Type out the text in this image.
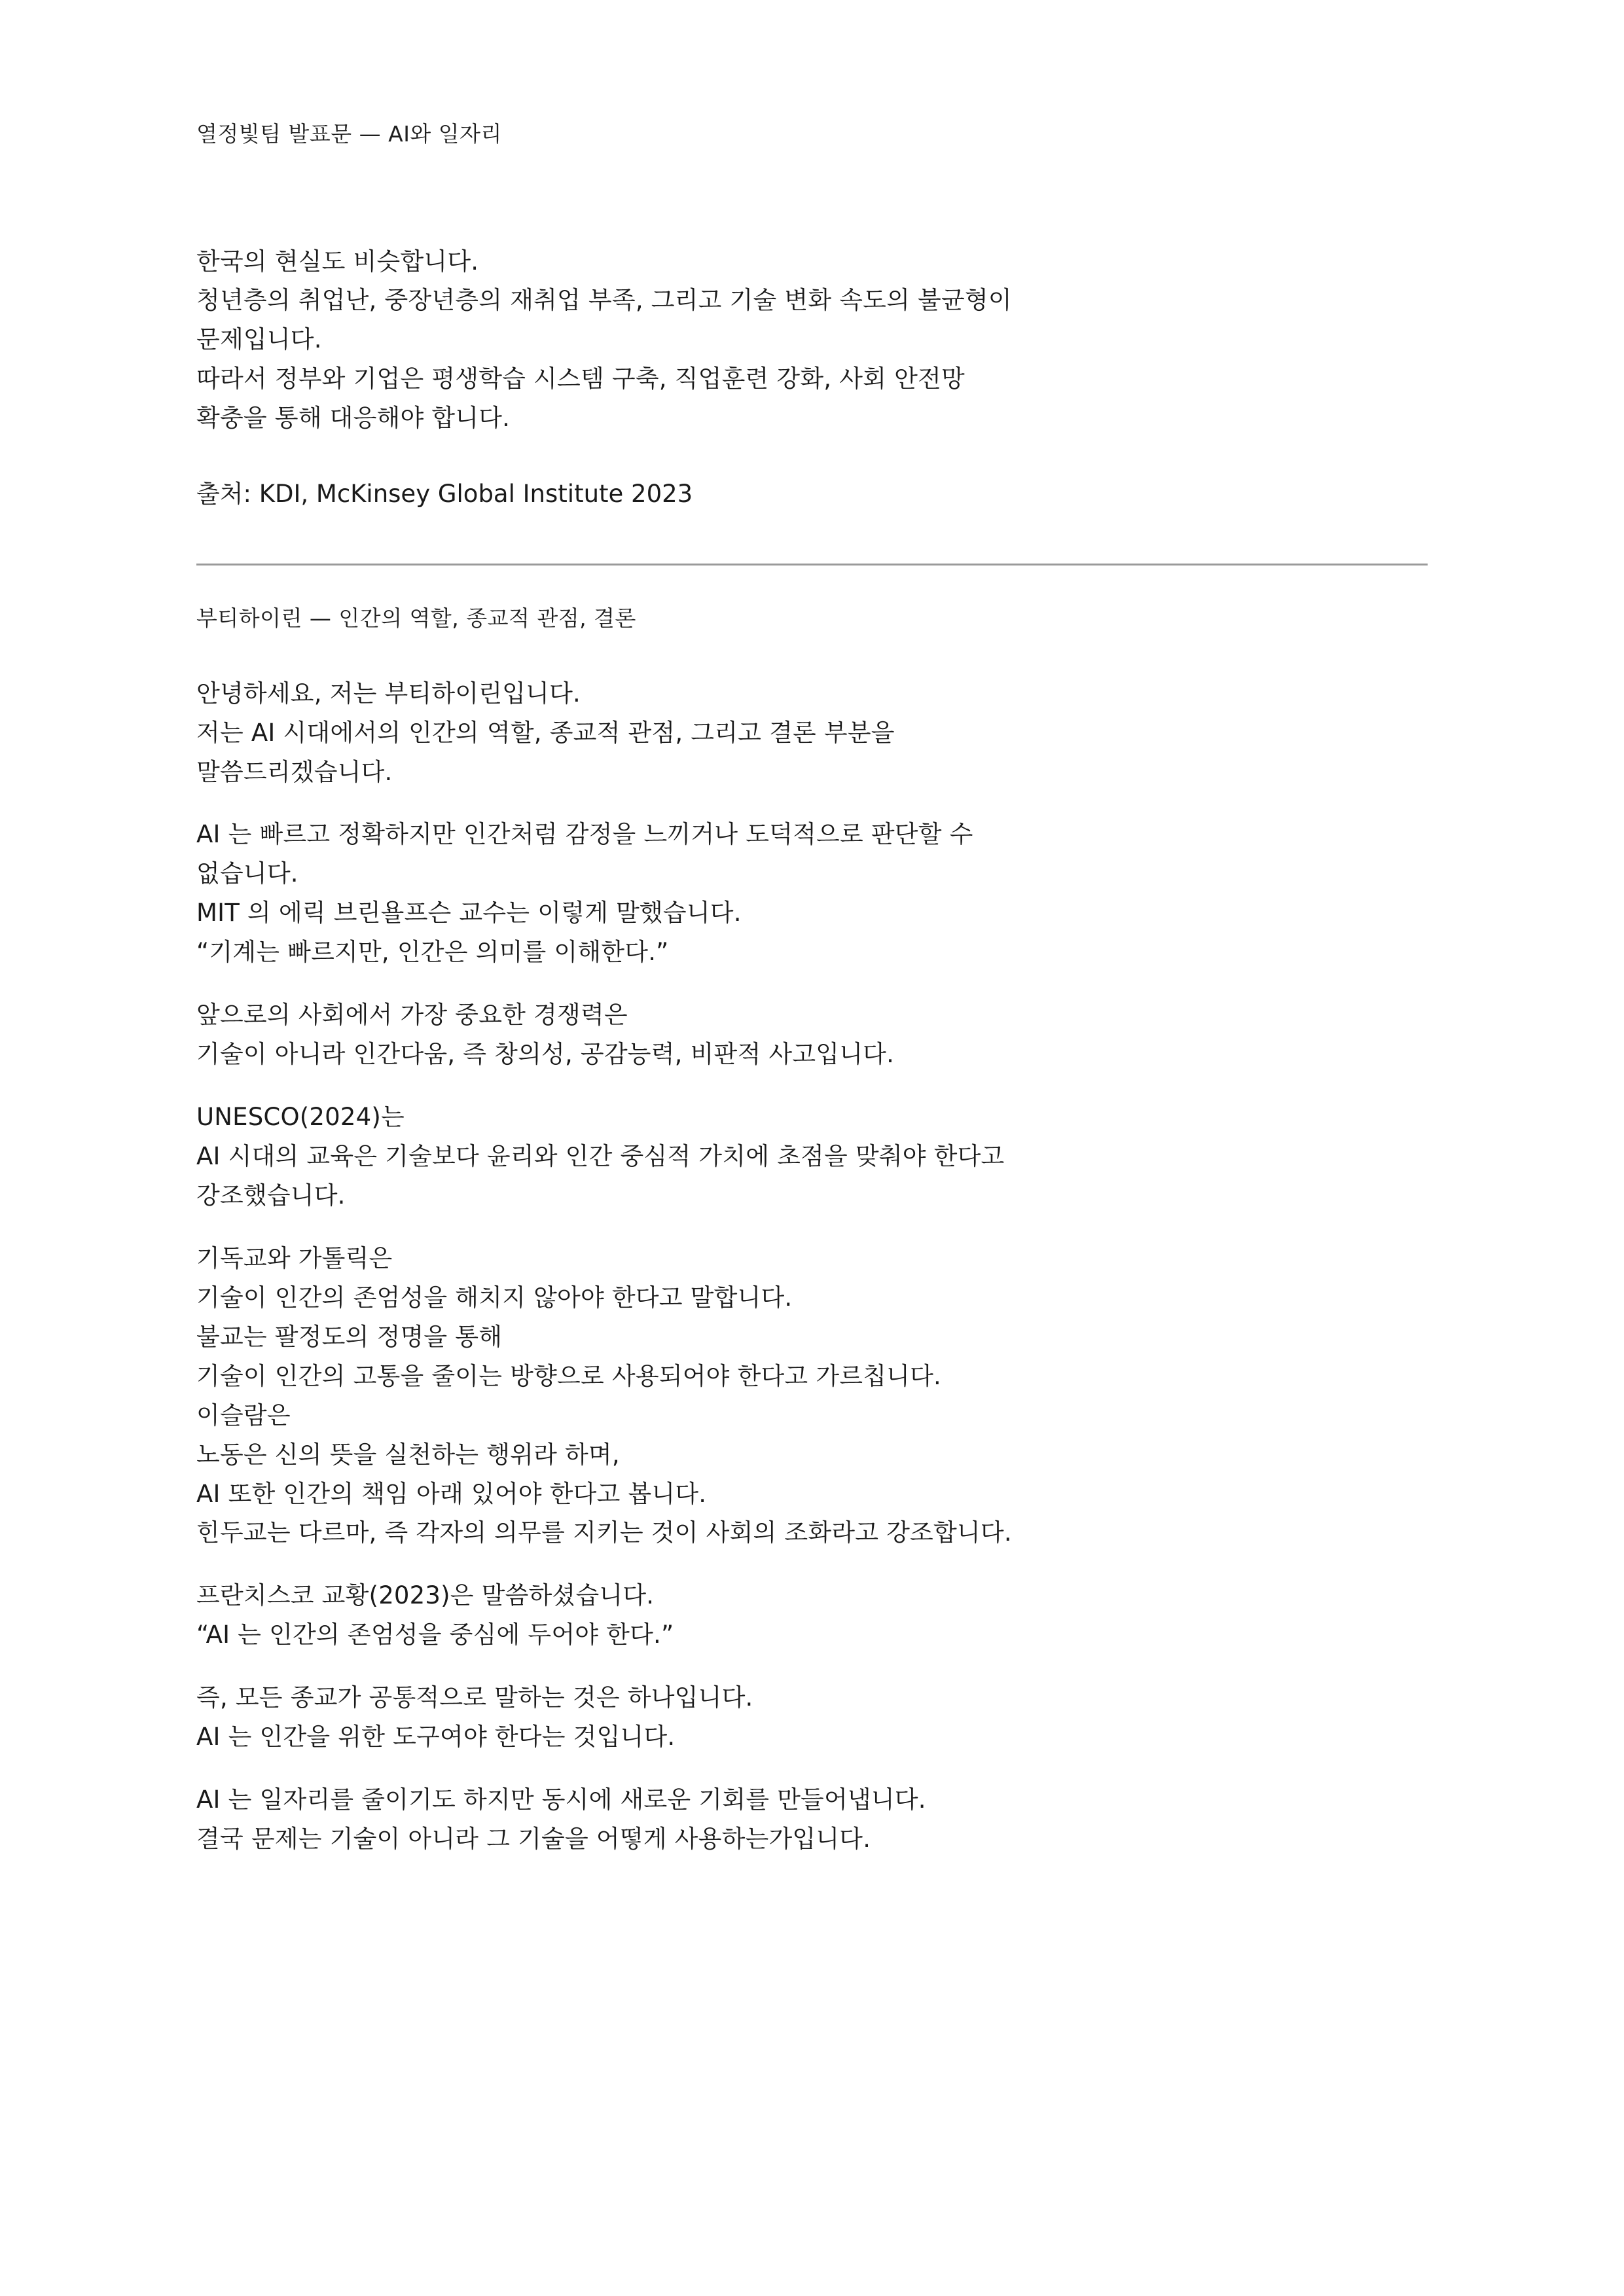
열정빛팀 발표문 — AI와 일자리

한국의 현실도 비슷합니다.

청년층의 취업난, 중장년층의 재취업 부족, 그리고 기술 변화 속도의 불균형이

문제입니다.

따라서 정부와 기업은 평생학습 시스템 구축, 직업훈련 강화, 사회 안전망

확충을 통해 대응해야 합니다.

출처: KDI, McKinsey Global Institute 2023
부티하이린 — 인간의 역할, 종교적 관점, 결론

안녕하세요, 저는 부티하이린입니다.

저는 AI 시대에서의 인간의 역할, 종교적 관점, 그리고 결론 부분을

말씀드리겠습니다.

AI 는 빠르고 정확하지만 인간처럼 감정을 느끼거나 도덕적으로 판단할 수

없습니다.

MIT 의 에릭 브린욜프슨 교수는 이렇게 말했습니다.

“기계는 빠르지만, 인간은 의미를 이해한다.”

앞으로의 사회에서 가장 중요한 경쟁력은

기술이 아니라 인간다움, 즉 창의성, 공감능력, 비판적 사고입니다.

UNESCO(2024)는

AI 시대의 교육은 기술보다 윤리와 인간 중심적 가치에 초점을 맞춰야 한다고

강조했습니다.

기독교와 가톨릭은

기술이 인간의 존엄성을 해치지 않아야 한다고 말합니다.

불교는 팔정도의 정명을 통해

기술이 인간의 고통을 줄이는 방향으로 사용되어야 한다고 가르칩니다.

이슬람은

노동은 신의 뜻을 실천하는 행위라 하며,

AI 또한 인간의 책임 아래 있어야 한다고 봅니다.

힌두교는 다르마, 즉 각자의 의무를 지키는 것이 사회의 조화라고 강조합니다.

프란치스코 교황(2023)은 말씀하셨습니다.

“AI 는 인간의 존엄성을 중심에 두어야 한다.”

즉, 모든 종교가 공통적으로 말하는 것은 하나입니다.

AI 는 인간을 위한 도구여야 한다는 것입니다.

AI 는 일자리를 줄이기도 하지만 동시에 새로운 기회를 만들어냅니다.

결국 문제는 기술이 아니라 그 기술을 어떻게 사용하는가입니다.
